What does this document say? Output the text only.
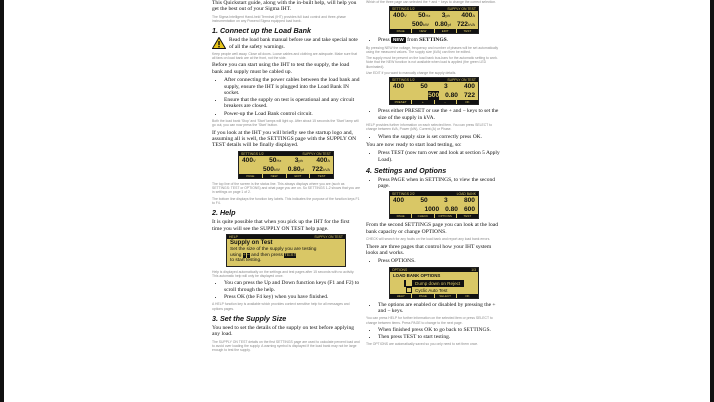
This Quickstart guide, along with the in-built help, will help you get the best out of your Sigma IHT.

The Sigma Intelligent Hand-held Terminal (IHT) provides full load control and three-phase instrumentation on any Powerol Sigma equipped load bank.

1. Connect up the Load Bank
Read the load bank manual before use and take special note of all the safety warnings.

Keep people well away. Close all doors. Loose cables and clothing are adequate. Make sure that all fans on load bank are at the front, not the side.

Before you can start using the IHT to test the supply, the load bank and supply must be cabled up.

• After connecting the power cables between the load bank and supply, ensure the IHT is plugged into the Load Bank IN socket.
• Ensure that the supply on test is operational and any circuit breakers are closed.
• Power-up the Load Bank control circuit.

Both the load bank 'Stop' and 'Start' lamps will light up. After about 15 seconds the 'Start' lamp will go out, you can now press the 'Start' button.

If you look at the IHT you will briefly see the startup logo and, assuming all is well, the SETTINGS page with the SUPPLY ON TEST details will be finally displayed.

SETTINGS 1/2	SUPPLY ON TEST
400V 50Hz 3ph 400A
500kW 0.80pf 722kVA
PAGE	NEW	EDIT	TEST

The top line of the screen is the status line. This always displays where you are (such as SETTINGS: TEST or OPTIONS) and what page you are on. So SETTINGS 1-2 shows that you are in settings on page 1 of 2.

The bottom line displays the function key labels. This indicates the purpose of the function keys F1 to F4.

2. Help

It is quite possible that when you pick up the IHT for the first time you will see the SUPPLY ON TEST help page.

HELP	SUPPLY ON TEST
Supply on Test
Set the size of the supply you are testing
using + − and then press TEST
to start testing.

Help is displayed automatically on the settings and test pages after 15 seconds with no activity. This automatic help will only be displayed once.

• You can press the Up and Down function keys (F1 and F2) to scroll through the help.
• Press OK (the F4 key) when you have finished.

A HELP function key is available which provides context sensitive help for all messages and options pages.

3. Set the Supply Size

You need to set the details of the supply on test before applying any load.

The SUPPLY ON TEST details on the first SETTINGS page are used to calculate percent load and to avoid over loading the supply. A warning symbol is displayed if the load bank may not be large enough to test the supply.

Which of the three page can selected the + and − keys to change the correct selection.

SETTINGS 1/2	SUPPLY ON TEST
400V 50Hz 3ph 400A
500kW 0.80pf 722kVA
PAGE	NEW	EDIT	TEST
• Press NEW from SETTINGS.

By pressing NEW the voltage, frequency and number of phases will be set automatically using the measured values. The supply size (kVA) can then be edited.

The supply must be present on the load bank bus-bars for the automatic setting to work. Note that the NEW function is not available when load is applied (the green LED illuminated).

Use EDIT if you want to manually change the supply details.

SETTINGS 1/2	SUPPLY ON TEST
400 50 3 400
500 0.80 722
PRESET	+	−	OK
• Press either PRESET or use the + and − keys to set the size of the supply in kVA.

HELP provides further information on each selected item. You can press SELECT to change between kVA, Power (kW), Current (A) or Phase.

• When the supply size is set correctly press OK.

You are now ready to start load testing, so:

• Press TEST (now turn over and look at section 5 Apply Load).
4. Settings and Options
• Press PAGE when in SETTINGS, to view the second page.
SETTINGS 2/2	LOAD BANK
400 50 3 800
1000 0.80 600
PAGE	CHECK	OPTIONS	TEST

From the second SETTINGS page you can look at the load bank capacity or change OPTIONS.

CHECK will search for any faults on the load bank and report any load bank errors.

There are three pages that control how your IHT system looks and works.

• Press OPTIONS.
OPTIONS	1/3
LOAD BANK OPTIONS
Dump down on Reject
Cyclic Auto Test
HELP	PAGE	SELECT	OK
• The options are enabled or disabled by pressing the + and − keys.

You can press HELP for further information on the selected item or press SELECT to change between items. Press PAGE to change to the next page.

• When finished press OK to go back to SETTINGS.
• Then press TEST to start testing.

The OPTIONS are automatically saved so you only need to set them once.
